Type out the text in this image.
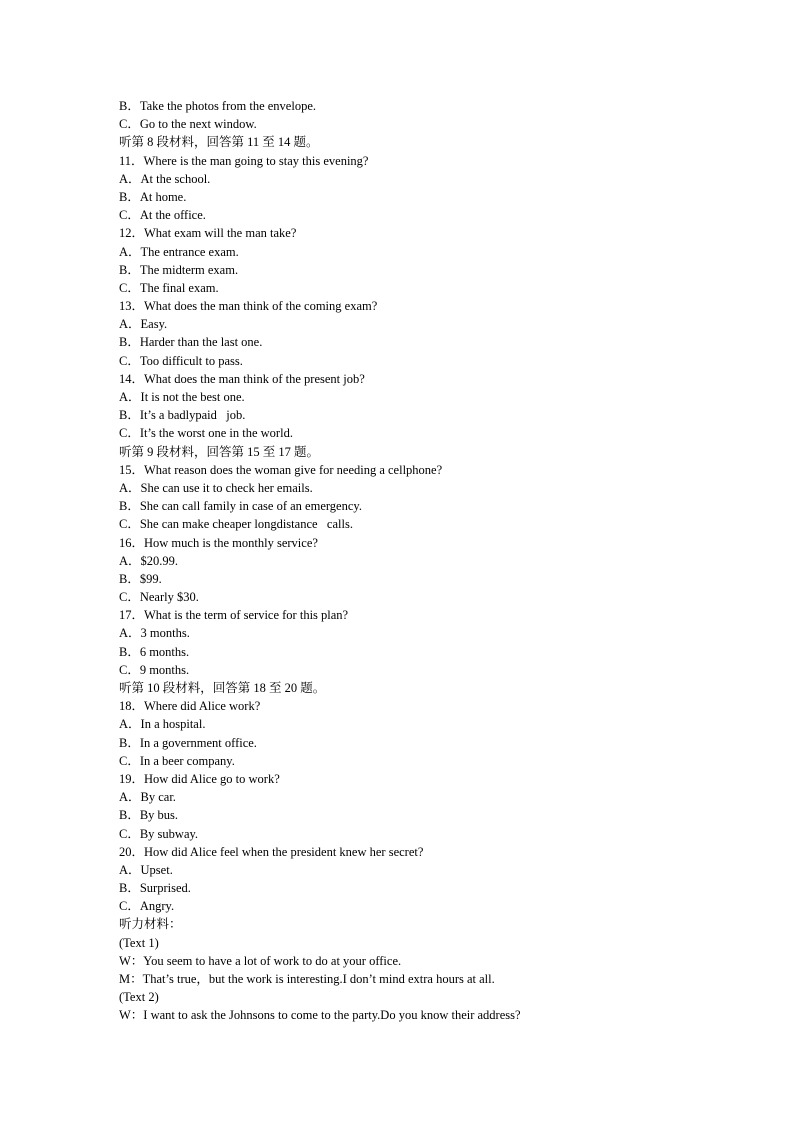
B．Take the photos from the envelope.
C．Go to the next window.
听第 8 段材料，回答第 11 至 14 题。
11．Where is the man going to stay this evening?
A．At the school.
B．At home.
C．At the office.
12．What exam will the man take?
A．The entrance exam.
B．The midterm exam.
C．The final exam.
13．What does the man think of the coming exam?
A．Easy.
B．Harder than the last one.
C．Too difficult to pass.
14．What does the man think of the present job?
A．It is not the best one.
B．It’s a badlypaid   job.
C．It’s the worst one in the world.
听第 9 段材料，回答第 15 至 17 题。
15．What reason does the woman give for needing a cellphone?
A．She can use it to check her emails.
B．She can call family in case of an emergency.
C．She can make cheaper longdistance   calls.
16．How much is the monthly service?
A．$20.99.
B．$99.
C．Nearly $30.
17．What is the term of service for this plan?
A．3 months.
B．6 months.
C．9 months.
听第 10 段材料，回答第 18 至 20 题。
18．Where did Alice work?
A．In a hospital.
B．In a government office.
C．In a beer company.
19．How did Alice go to work?
A．By car.
B．By bus.
C．By subway.
20．How did Alice feel when the president knew her secret?
A．Upset.
B．Surprised.
C．Angry.
听力材料：
(Text 1)
W：You seem to have a lot of work to do at your office.
M：That’s true，but the work is interesting.I don’t mind extra hours at all.
(Text 2)
W：I want to ask the Johnsons to come to the party.Do you know their address?
